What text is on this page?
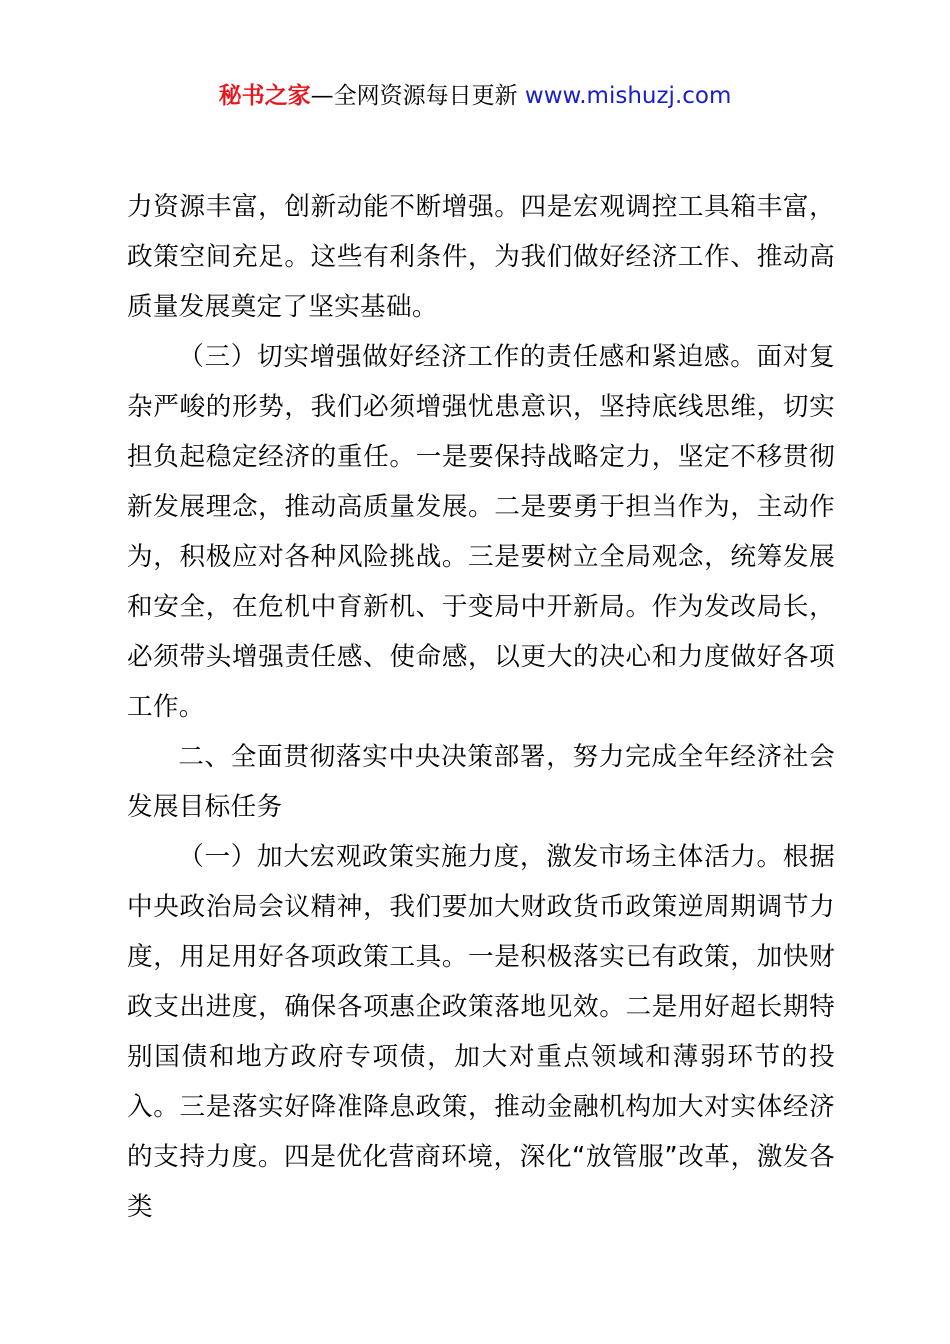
秘书之家—全网资源每日更新 www.mishuzj.com

力资源丰富，创新动能不断增强。四是宏观调控工具箱丰富，政策空间充足。这些有利条件，为我们做好经济工作、推动高质量发展奠定了坚实基础。

（三）切实增强做好经济工作的责任感和紧迫感。面对复杂严峻的形势，我们必须增强忧患意识，坚持底线思维，切实担负起稳定经济的重任。一是要保持战略定力，坚定不移贯彻新发展理念，推动高质量发展。二是要勇于担当作为，主动作为，积极应对各种风险挑战。三是要树立全局观念，统筹发展和安全，在危机中育新机、于变局中开新局。作为发改局长，必须带头增强责任感、使命感，以更大的决心和力度做好各项工作。

二、全面贯彻落实中央决策部署，努力完成全年经济社会发展目标任务

（一）加大宏观政策实施力度，激发市场主体活力。根据中央政治局会议精神，我们要加大财政货币政策逆周期调节力度，用足用好各项政策工具。一是积极落实已有政策，加快财政支出进度，确保各项惠企政策落地见效。二是用好超长期特别国债和地方政府专项债，加大对重点领域和薄弱环节的投入。三是落实好降准降息政策，推动金融机构加大对实体经济的支持力度。四是优化营商环境，深化“放管服”改革，激发各类
